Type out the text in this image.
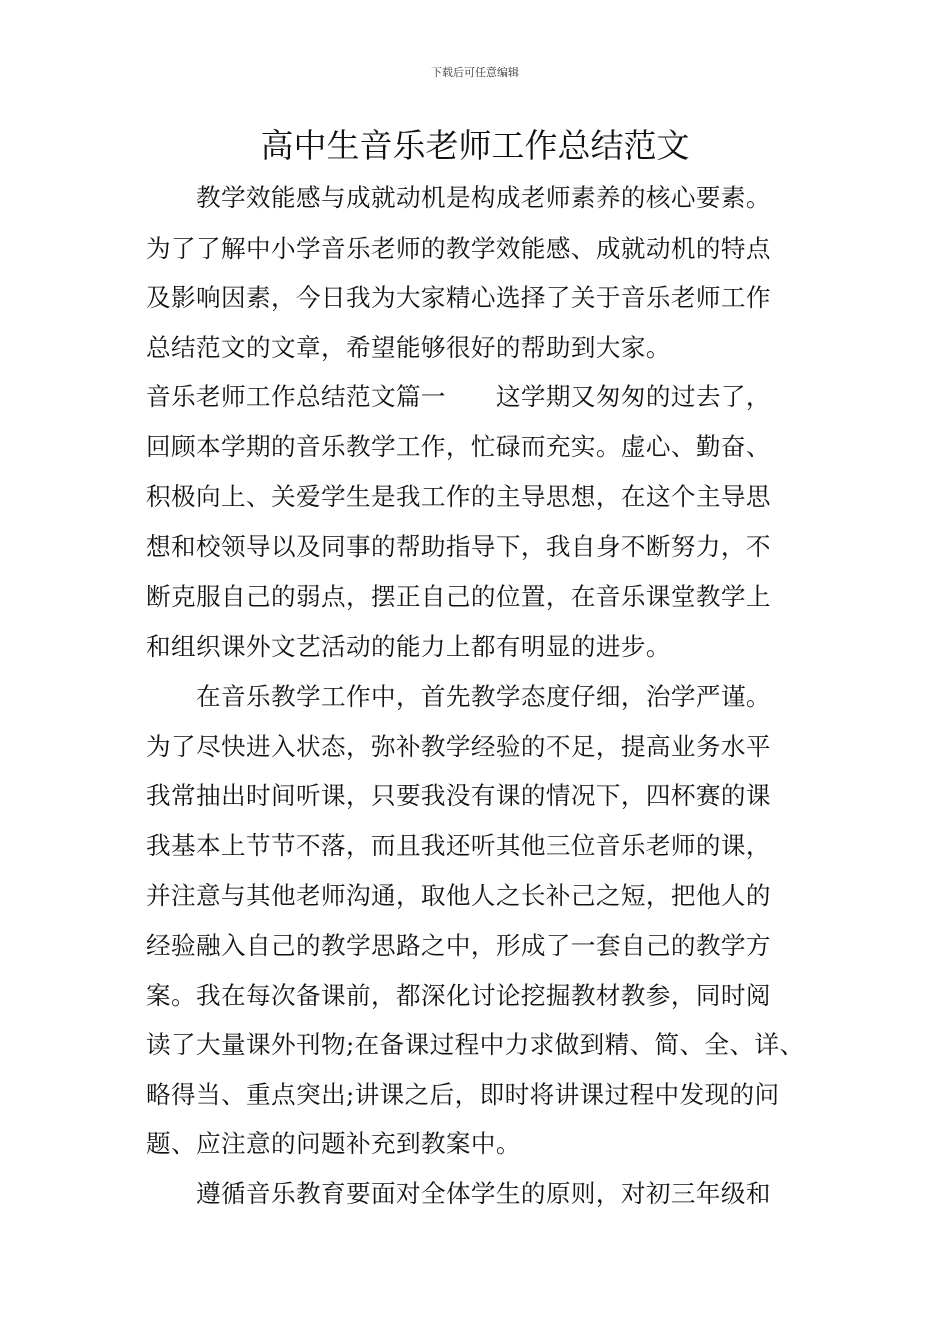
下载后可任意编辑
高中生音乐老师工作总结范文
教学效能感与成就动机是构成老师素养的核心要素。
为了了解中小学音乐老师的教学效能感、成就动机的特点
及影响因素，今日我为大家精心选择了关于音乐老师工作
总结范文的文章，希望能够很好的帮助到大家。
音乐老师工作总结范文篇一　　这学期又匆匆的过去了，
回顾本学期的音乐教学工作，忙碌而充实。虚心、勤奋、
积极向上、关爱学生是我工作的主导思想，在这个主导思
想和校领导以及同事的帮助指导下，我自身不断努力，不
断克服自己的弱点，摆正自己的位置，在音乐课堂教学上
和组织课外文艺活动的能力上都有明显的进步。
在音乐教学工作中，首先教学态度仔细，治学严谨。
为了尽快进入状态，弥补教学经验的不足，提高业务水平
我常抽出时间听课，只要我没有课的情况下，四杯赛的课
我基本上节节不落，而且我还听其他三位音乐老师的课，
并注意与其他老师沟通，取他人之长补己之短，把他人的
经验融入自己的教学思路之中，形成了一套自己的教学方
案。我在每次备课前，都深化讨论挖掘教材教参，同时阅
读了大量课外刊物;在备课过程中力求做到精、简、全、详、
略得当、重点突出;讲课之后，即时将讲课过程中发现的问
题、应注意的问题补充到教案中。
遵循音乐教育要面对全体学生的原则，对初三年级和
